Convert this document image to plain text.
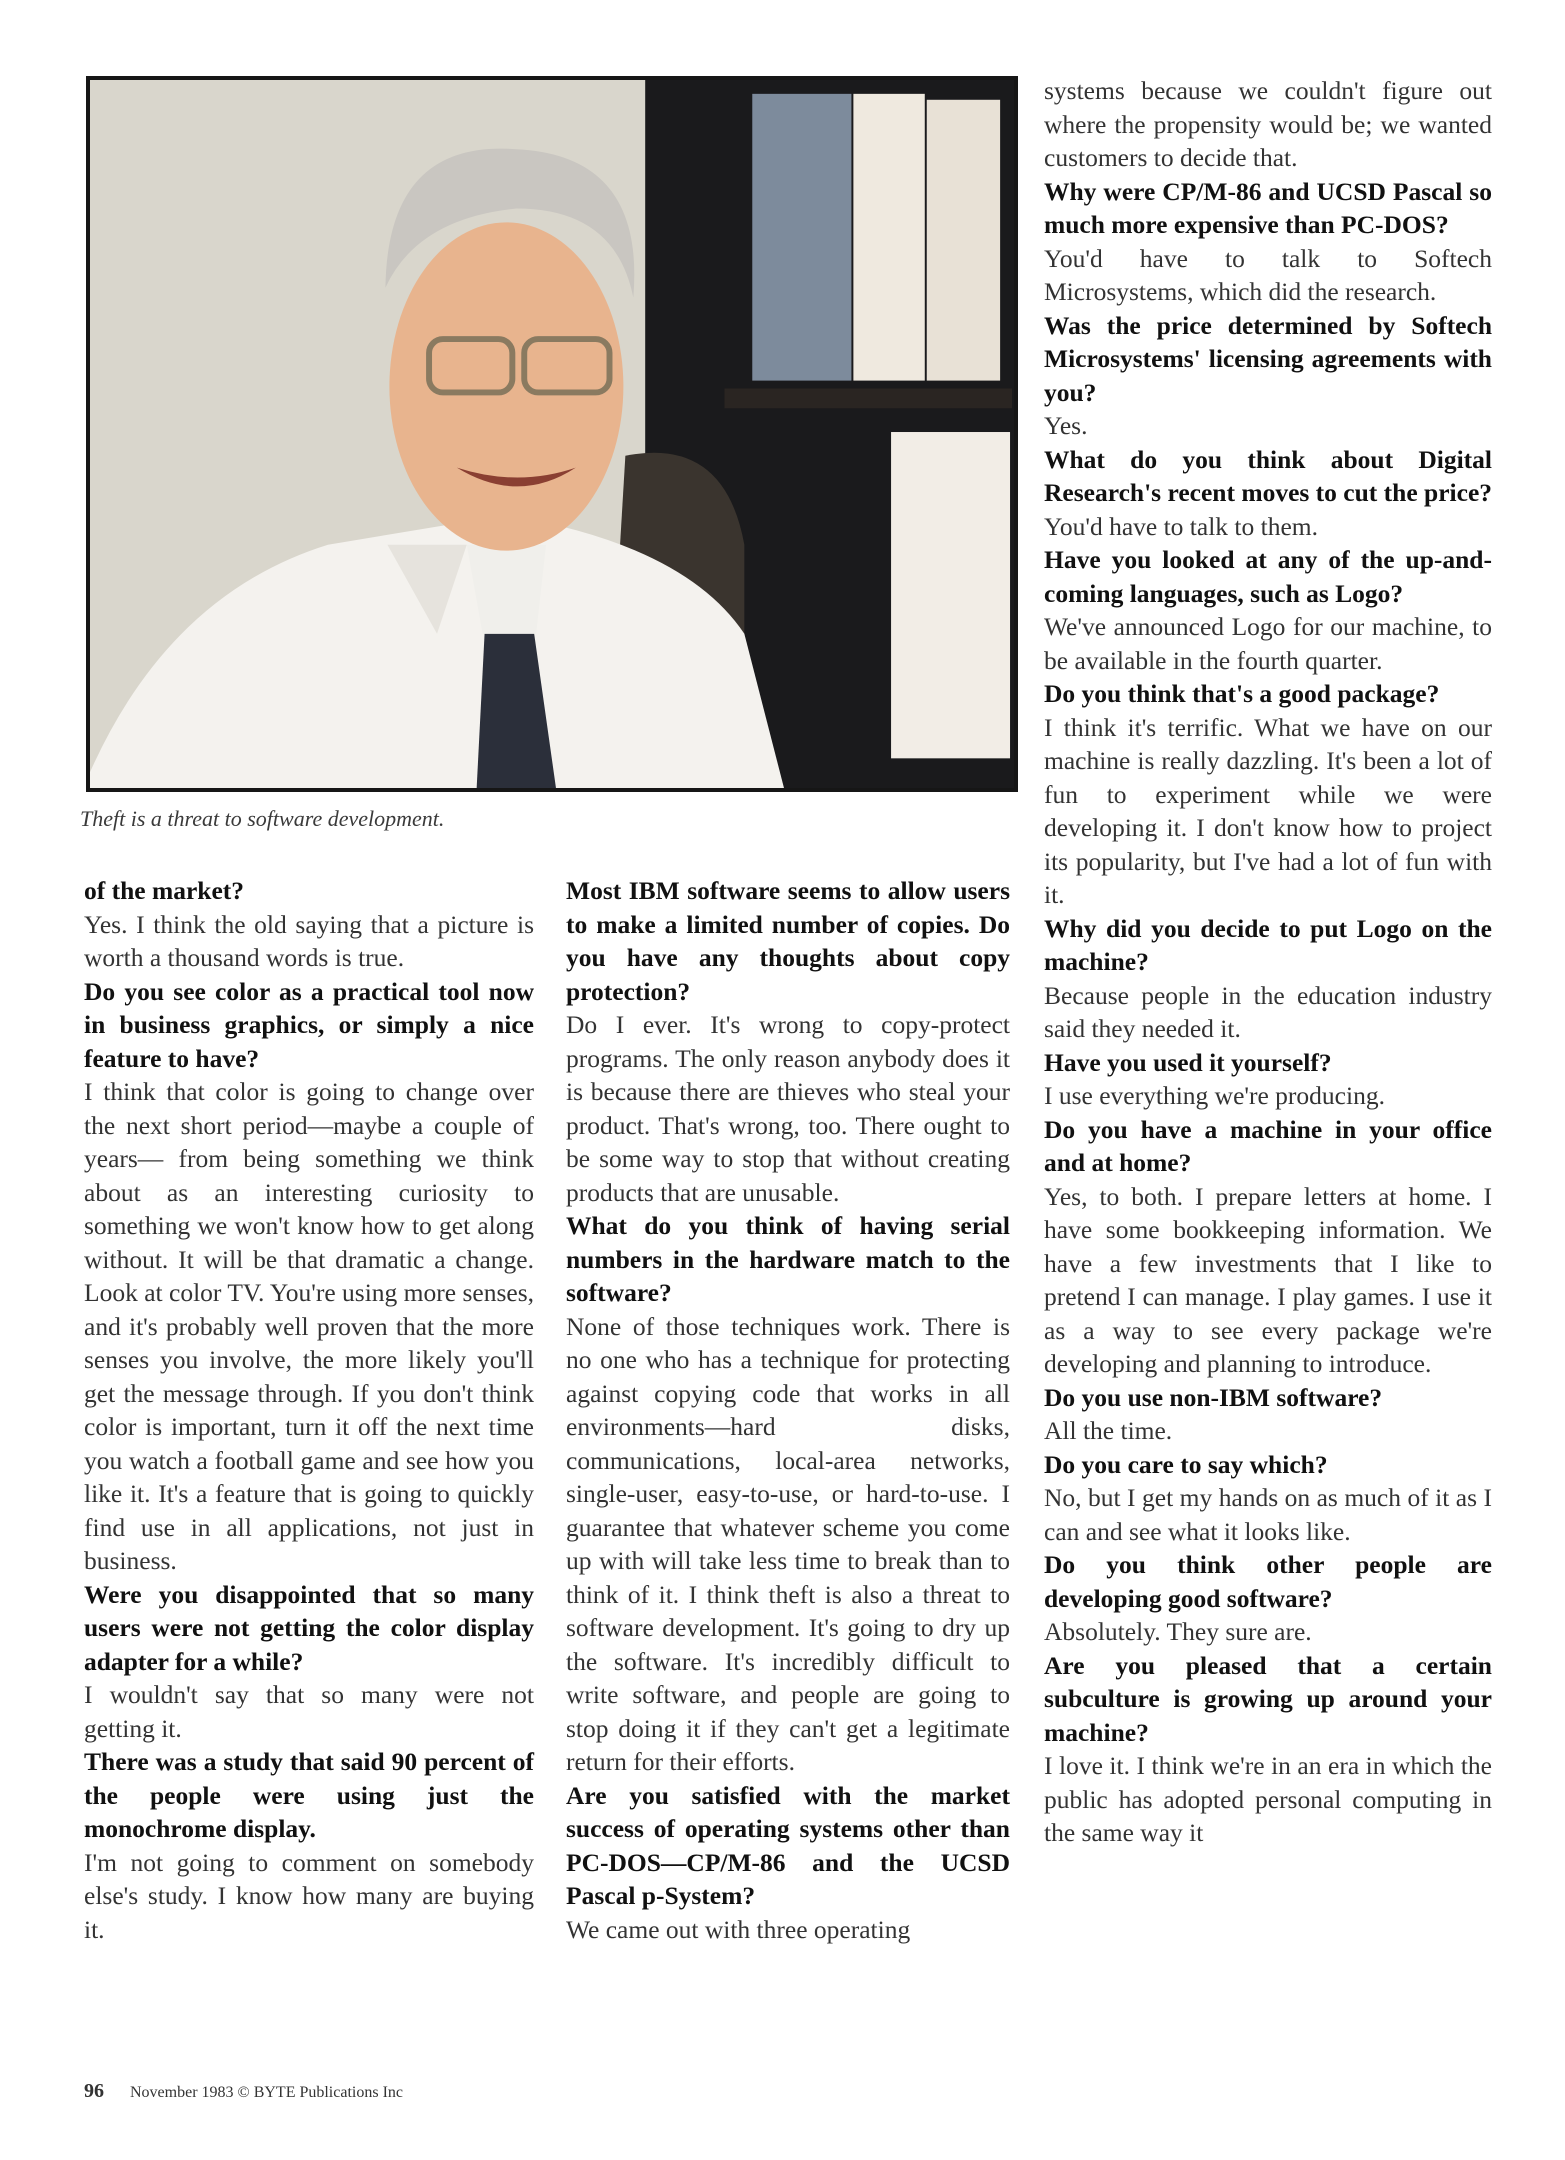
Theft is a threat to software development.

of the market?

Yes. I think the old saying that a picture is worth a thousand words is true.

Do you see color as a practical tool now in business graphics, or simply a nice feature to have?

I think that color is going to change over the next short period—maybe a couple of years— from being something we think about as an interesting curiosity to something we won't know how to get along without. It will be that dramatic a change. Look at color TV. You're using more senses, and it's probably well proven that the more senses you involve, the more likely you'll get the message through. If you don't think color is important, turn it off the next time you watch a football game and see how you like it. It's a feature that is going to quickly find use in all applications, not just in business.

Were you disappointed that so many users were not getting the color display adapter for a while?

I wouldn't say that so many were not getting it.

There was a study that said 90 percent of the people were using just the monochrome display.

I'm not going to comment on somebody else's study. I know how many are buying it.

Most IBM software seems to allow users to make a limited number of copies. Do you have any thoughts about copy protection?

Do I ever. It's wrong to copy-protect programs. The only reason anybody does it is because there are thieves who steal your product. That's wrong, too. There ought to be some way to stop that without creating products that are unusable.

What do you think of having serial numbers in the hardware match to the software?

None of those techniques work. There is no one who has a technique for protecting against copying code that works in all environments—hard disks, communications, local-area networks, single-user, easy-to-use, or hard-to-use. I guarantee that whatever scheme you come up with will take less time to break than to think of it. I think theft is also a threat to software development. It's going to dry up the software. It's incredibly difficult to write software, and people are going to stop doing it if they can't get a legitimate return for their efforts.

Are you satisfied with the market success of operating systems other than PC-DOS—CP/M-86 and the UCSD Pascal p-System?

We came out with three operating

systems because we couldn't figure out where the propensity would be; we wanted customers to decide that.

Why were CP/M-86 and UCSD Pascal so much more expensive than PC-DOS?

You'd have to talk to Softech Microsystems, which did the research.

Was the price determined by Softech Microsystems' licensing agreements with you?

Yes.

What do you think about Digital Research's recent moves to cut the price?

You'd have to talk to them.

Have you looked at any of the up-and-coming languages, such as Logo?

We've announced Logo for our machine, to be available in the fourth quarter.

Do you think that's a good package?

I think it's terrific. What we have on our machine is really dazzling. It's been a lot of fun to experiment while we were developing it. I don't know how to project its popularity, but I've had a lot of fun with it.

Why did you decide to put Logo on the machine?

Because people in the education industry said they needed it.

Have you used it yourself?

I use everything we're producing.

Do you have a machine in your office and at home?

Yes, to both. I prepare letters at home. I have some bookkeeping information. We have a few investments that I like to pretend I can manage. I play games. I use it as a way to see every package we're developing and planning to introduce.

Do you use non-IBM software?

All the time.

Do you care to say which?

No, but I get my hands on as much of it as I can and see what it looks like.

Do you think other people are developing good software?

Absolutely. They sure are.

Are you pleased that a certain subculture is growing up around your machine?

I love it. I think we're in an era in which the public has adopted personal computing in the same way it

96 November 1983 © BYTE Publications Inc
